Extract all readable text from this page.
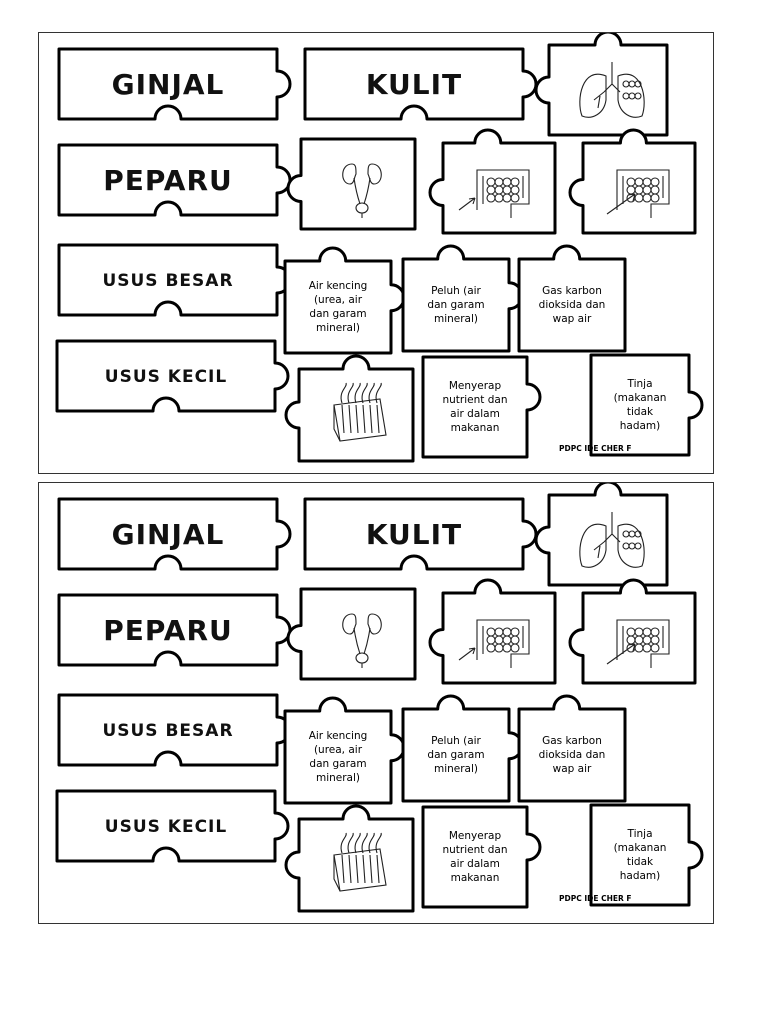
GINJAL	KULIT
PEPARU
USUS BESAR
USUS KECIL
Air kencing
(urea, air
dan garam
mineral)
Peluh (air
dan garam
mineral)
Gas karbon
dioksida dan
wap air
Menyerap
nutrient dan
air dalam
makanan
Tinja
(makanan
tidak
hadam)
PDPC IDE CHER F
GINJAL	KULIT
PEPARU
USUS BESAR
USUS KECIL
Air kencing
(urea, air
dan garam
mineral)
Peluh (air
dan garam
mineral)
Gas karbon
dioksida dan
wap air
Menyerap
nutrient dan
air dalam
makanan
Tinja
(makanan
tidak
hadam)
PDPC IDE CHER F
